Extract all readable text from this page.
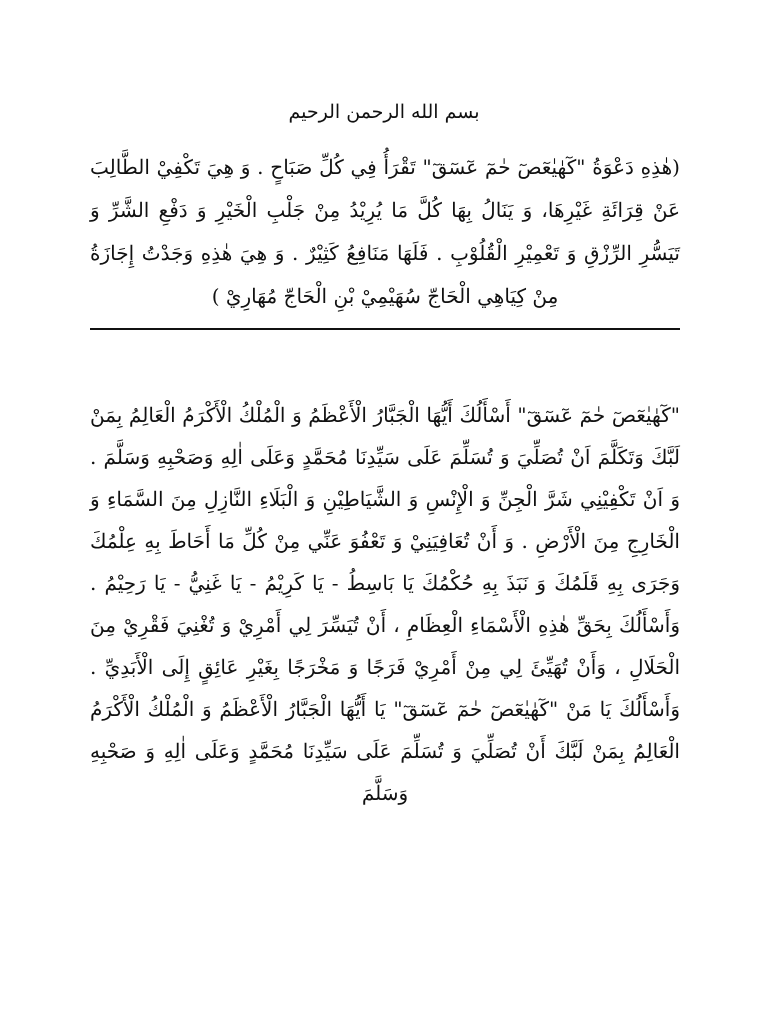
بسم الله الرحمن الرحيم
(هٰذِهِ دَعْوَةُ "كٓهٰيٰعٓصٓ حٰمٓ عٓسٓقٓ" تَقْرَأُ فِي كُلِّ صَبَاحٍ . وَ هِيَ تَكْفِيْ الطَّالِبَ عَنْ قِرَائَةِ غَيْرِهَا، وَ يَنَالُ بِهَا كُلَّ مَا يُرِيْدُ مِنْ جَلْبِ الْخَيْرِ وَ دَفْعِ الشَّرِّ وَ تَيَسُّرِ الرِّزْقِ وَ تَعْمِيْرِ الْقُلُوْبِ . فَلَهَا مَنَافِعُ كَثِيْرٌ . وَ هِيَ هٰذِهِ وَجَدْتُ إِجَازَةُ مِنْ كِيَاهِي الْحَاجّ سُهَيْمِيْ بْنِ الْحَاجّ مُهَارِيْ )
"كٓهٰيٰعٓصٓ حٰمٓ عٓسٓقٓ" أَسْأَلُكَ أَيُّهَا الْجَبَّارُ الْأَعْظَمُ وَ الْمُلْكُ الْأَكْرَمُ الْعَالِمُ بِمَنْ لَبَّكَ وَتَكَلَّمَ اَنْ تُصَلِّيَ وَ تُسَلِّمَ عَلَى سَيِّدِنَا مُحَمَّدٍ وَعَلَى اٰلِهِ وَصَحْبِهِ وَسَلَّمَ . وَ اَنْ تَكْفِيْنِي شَرَّ الْجِنِّ وَ الْإِنْسِ وَ الشَّيَاطِيْنِ وَ الْبَلَاءِ النَّازِلِ مِنَ السَّمَاءِ وَ الْخَارِجِ مِنَ الْأَرْضِ . وَ أَنْ تُعَافِيَنِيْ وَ تَعْفُوَ عَنِّي مِنْ كُلِّ مَا أَحَاطَ بِهِ عِلْمُكَ وَجَرَى بِهِ قَلَمُكَ وَ نَبَذَ بِهِ حُكْمُكَ يَا بَاسِطُ - يَا كَرِيْمُ - يَا غَنِيُّ - يَا رَحِيْمُ . وَأَسْأَلُكَ بِحَقِّ هٰذِهِ الْأَسْمَاءِ الْعِظَامِ ، أَنْ تُيَسِّرَ لِي أَمْرِيْ وَ تُغْنِيَ فَقْرِيْ مِنَ الْحَلَالِ ، وَأَنْ تُهَيِّئَ لِي مِنْ أَمْرِيْ فَرَجًا وَ مَخْرَجًا بِغَيْرِ عَائِقٍ إِلَى الْأَبَدِيِّ . وَأَسْأَلُكَ يَا مَنْ "كٓهٰيٰعٓصٓ حٰمٓ عٓسٓقٓ" يَا أَيُّهَا الْجَبَّارُ الْأَعْظَمُ وَ الْمُلْكُ الْأَكْرَمُ الْعَالِمُ بِمَنْ لَبَّكَ أَنْ تُصَلِّيَ وَ تُسَلِّمَ عَلَى سَيِّدِنَا مُحَمَّدٍ وَعَلَى اٰلِهِ وَ صَحْبِهِ وَسَلَّمَ
